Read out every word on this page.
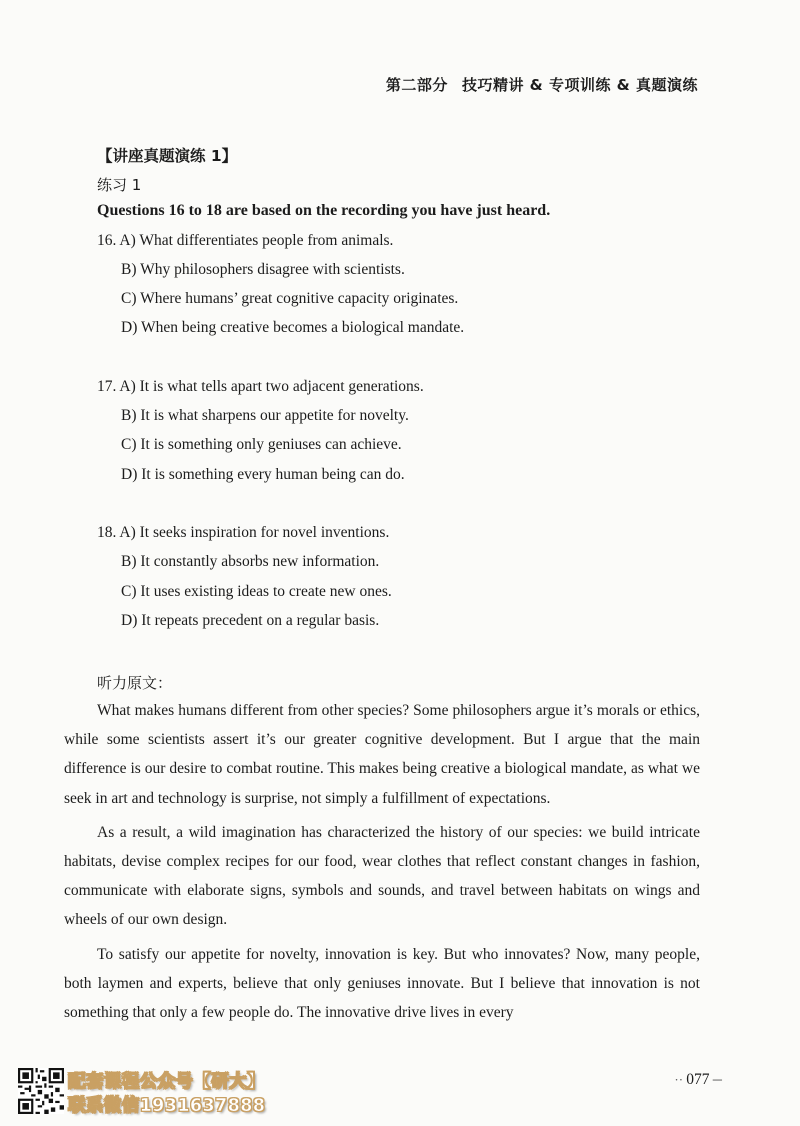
第二部分 技巧精讲 & 专项训练 & 真题演练
【讲座真题演练 1】
练习 1
Questions 16 to 18 are based on the recording you have just heard.
16. A) What differentiates people from animals.
B) Why philosophers disagree with scientists.
C) Where humans’ great cognitive capacity originates.
D) When being creative becomes a biological mandate.
17. A) It is what tells apart two adjacent generations.
B) It is what sharpens our appetite for novelty.
C) It is something only geniuses can achieve.
D) It is something every human being can do.
18. A) It seeks inspiration for novel inventions.
B) It constantly absorbs new information.
C) It uses existing ideas to create new ones.
D) It repeats precedent on a regular basis.
听力原文：

What makes humans different from other species? Some philosophers argue it’s morals or ethics, while some scientists assert it’s our greater cognitive development. But I argue that the main difference is our desire to combat routine. This makes being creative a biological mandate, as what we seek in art and technology is surprise, not simply a fulfillment of expectations.

As a result, a wild imagination has characterized the history of our species: we build intricate habitats, devise complex recipes for our food, wear clothes that reflect constant changes in fashion, communicate with elaborate signs, symbols and sounds, and travel between habitats on wings and wheels of our own design.

To satisfy our appetite for novelty, innovation is key. But who innovates? Now, many people, both laymen and experts, believe that only geniuses innovate. But I believe that innovation is not something that only a few people do. The innovative drive lives in every

·· 077 ─
配套课程公众号【研大】
联系微信1931637888
